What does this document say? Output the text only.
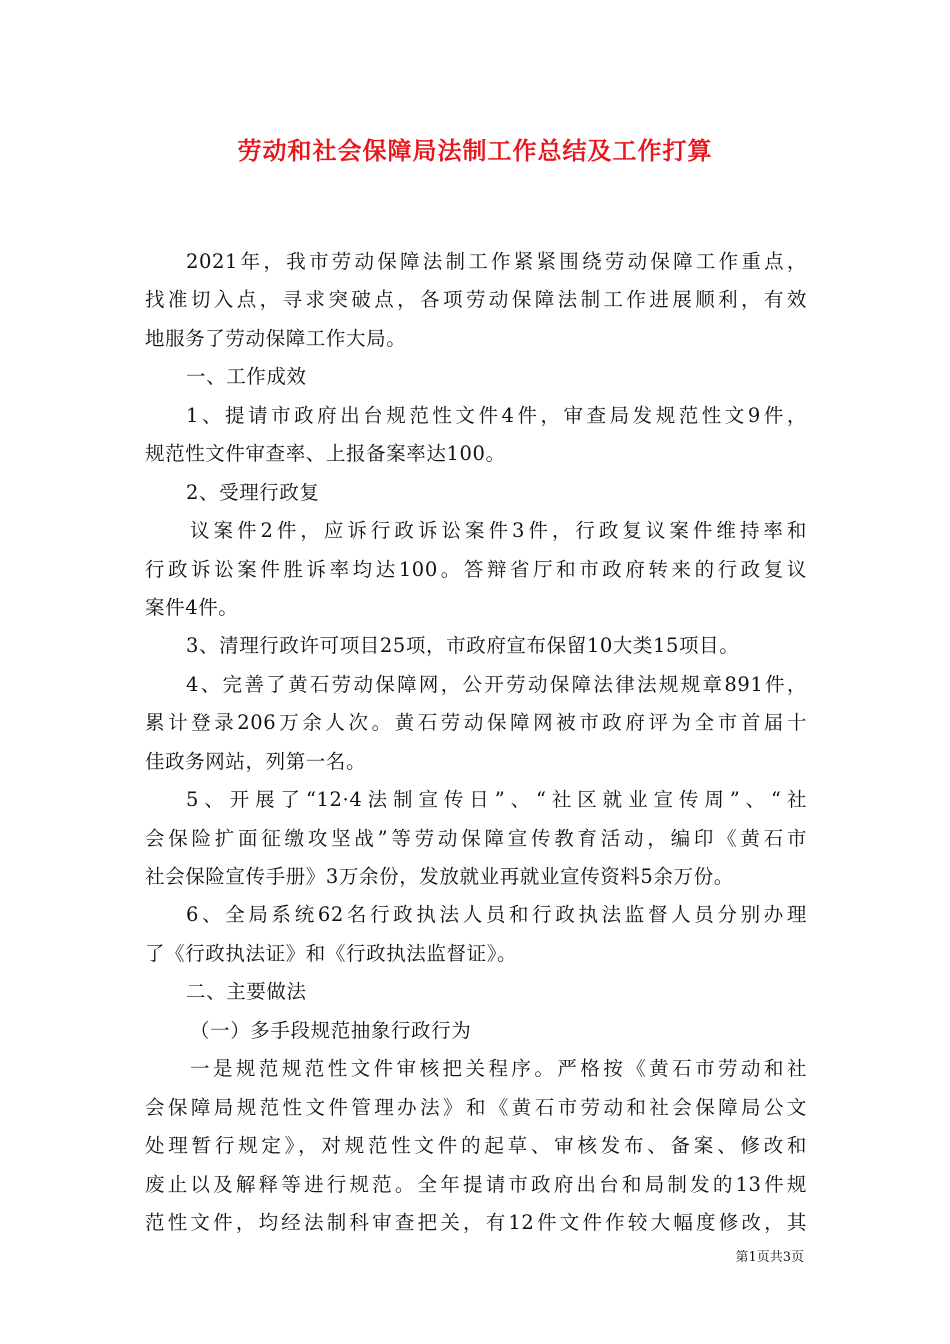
劳动和社会保障局法制工作总结及工作打算
2021年，我市劳动保障法制工作紧紧围绕劳动保障工作重点，
找准切入点，寻求突破点，各项劳动保障法制工作进展顺利，有效
地服务了劳动保障工作大局。
一、工作成效
1、提请市政府出台规范性文件4件，审查局发规范性文9件，
规范性文件审查率、上报备案率达100。
2、受理行政复
议案件2件，应诉行政诉讼案件3件，行政复议案件维持率和
行政诉讼案件胜诉率均达100。答辩省厅和市政府转来的行政复议
案件4件。
3、清理行政许可项目25项，市政府宣布保留10大类15项目。
4、完善了黄石劳动保障网，公开劳动保障法律法规规章891件，
累计登录206万余人次。黄石劳动保障网被市政府评为全市首届十
佳政务网站，列第一名。
5、开展了“12·4法制宣传日”、“社区就业宣传周”、“社
会保险扩面征缴攻坚战”等劳动保障宣传教育活动，编印《黄石市
社会保险宣传手册》3万余份，发放就业再就业宣传资料5余万份。
6、全局系统62名行政执法人员和行政执法监督人员分别办理
了《行政执法证》和《行政执法监督证》。
二、主要做法
（一）多手段规范抽象行政行为
一是规范规范性文件审核把关程序。严格按《黄石市劳动和社
会保障局规范性文件管理办法》和《黄石市劳动和社会保障局公文
处理暂行规定》，对规范性文件的起草、审核发布、备案、修改和
废止以及解释等进行规范。全年提请市政府出台和局制发的13件规
范性文件，均经法制科审查把关，有12件文件作较大幅度修改，其
第1页共3页
